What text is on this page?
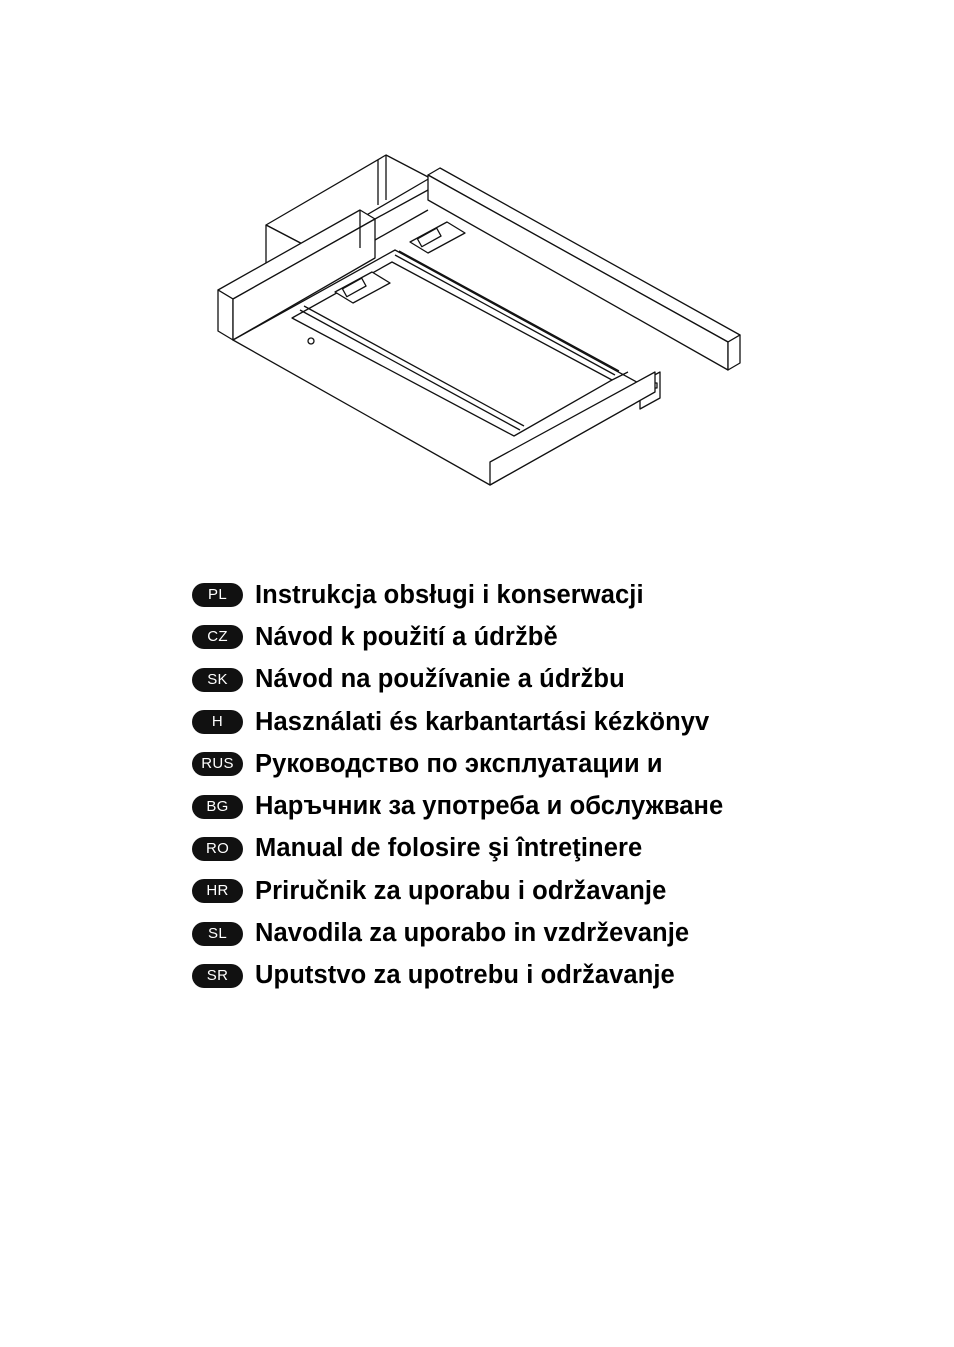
PL	Instrukcja obsługi i konserwacji
CZ	Návod k použití a údržbě
SK	Návod na používanie a údržbu
H	Használati és karbantartási kézkönyv
RUS Руководство по эксплуатации и
BG	Наръчник за употреба и обслужване
RO	Manual de folosire şi întreţinere
HR	Priručnik za uporabu i održavanje
SL	Navodila za uporabo in vzdrževanje
SR	Uputstvo za upotrebu i održavanje
